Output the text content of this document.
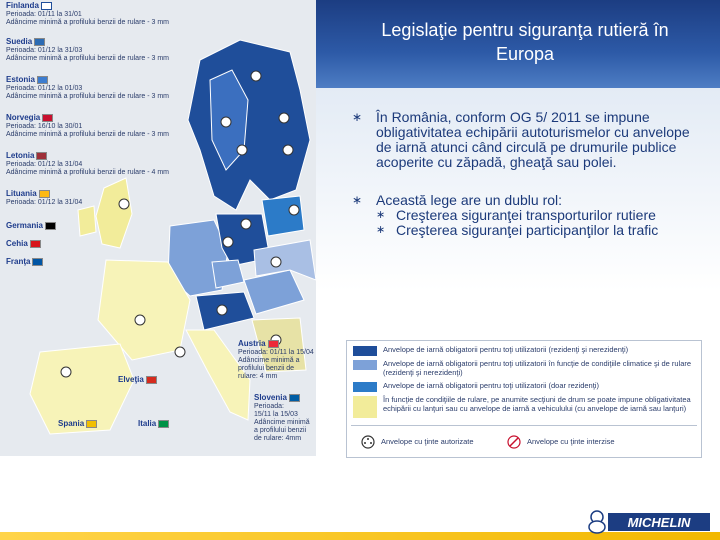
Finlanda
Perioada: 01/11 la 31/01
Adâncime minimă a profilului benzii de rulare - 3 mm
Suedia
Perioada: 01/12 la 31/03
Adâncime minimă a profilului benzii de rulare - 3 mm
Estonia
Perioada: 01/12 la 01/03
Adâncime minimă a profilului benzii de rulare - 3 mm
Norvegia
Perioada: 16/10 la 30/01
Adâncime minimă a profilului benzii de rulare - 3 mm
Letonia
Perioada: 01/12 la 31/04
Adâncime minimă a profilului benzii de rulare - 4 mm
Lituania
Perioada: 01/12 la 31/04
Germania
Cehia
Franţa
Austria
Perioada: 01/11 la 15/04
Adâncime minimă a profilului benzii de rulare: 4 mm
Slovenia
Perioada:
15/11 la 15/03
Adâncime minimă a profilului benzii de rulare: 4mm
Elveţia
Spania	Italia
Legislaţie pentru siguranţa rutieră în Europa
∗ În România, conform OG 5/ 2011 se impune obligativitatea echipării autoturismelor cu anvelope de iarnă atunci când circulă pe drumurile publice acoperite cu zăpadă, gheaţă sau polei.
∗ Această lege are un dublu rol:
∗ Creşterea siguranţei transporturilor rutiere
∗ Creşterea siguranţei participanţilor la trafic
Anvelope de iarnă obligatorii pentru toţi utilizatorii (rezidenţi şi nerezidenţi)
Anvelope de iarnă obligatorii pentru toţi utilizatorii în funcţie de condiţiile climatice şi de rulare (rezidenţi şi nerezidenţi)
Anvelope de iarnă obligatorii pentru toţi utilizatorii (doar rezidenţi)
În funcţie de condiţiile de rulare, pe anumite secţiuni de drum se poate impune obligativitatea echipării cu lanţuri sau cu anvelope de iarnă a vehiculului (cu anvelope de iarnă sau lanţuri)
Anvelope cu ţinte autorizate	Anvelope cu ţinte interzise
MICHELIN
